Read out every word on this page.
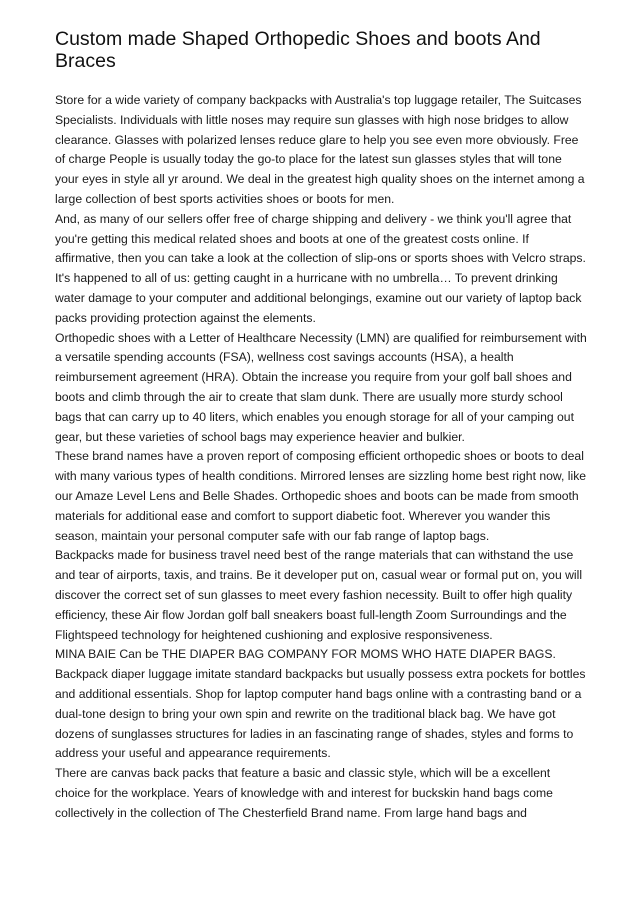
Custom made Shaped Orthopedic Shoes and boots And Braces

Store for a wide variety of company backpacks with Australia's top luggage retailer, The Suitcases Specialists. Individuals with little noses may require sun glasses with high nose bridges to allow clearance. Glasses with polarized lenses reduce glare to help you see even more obviously. Free of charge People is usually today the go-to place for the latest sun glasses styles that will tone your eyes in style all yr around. We deal in the greatest high quality shoes on the internet among a large collection of best sports activities shoes or boots for men.

And, as many of our sellers offer free of charge shipping and delivery - we think you'll agree that you're getting this medical related shoes and boots at one of the greatest costs online. If affirmative, then you can take a look at the collection of slip-ons or sports shoes with Velcro straps. It's happened to all of us: getting caught in a hurricane with no umbrella… To prevent drinking water damage to your computer and additional belongings, examine out our variety of laptop back packs providing protection against the elements.

Orthopedic shoes with a Letter of Healthcare Necessity (LMN) are qualified for reimbursement with a versatile spending accounts (FSA), wellness cost savings accounts (HSA), a health reimbursement agreement (HRA). Obtain the increase you require from your golf ball shoes and boots and climb through the air to create that slam dunk. There are usually more sturdy school bags that can carry up to 40 liters, which enables you enough storage for all of your camping out gear, but these varieties of school bags may experience heavier and bulkier.

These brand names have a proven report of composing efficient orthopedic shoes or boots to deal with many various types of health conditions. Mirrored lenses are sizzling home best right now, like our Amaze Level Lens and Belle Shades. Orthopedic shoes and boots can be made from smooth materials for additional ease and comfort to support diabetic foot. Wherever you wander this season, maintain your personal computer safe with our fab range of laptop bags.

Backpacks made for business travel need best of the range materials that can withstand the use and tear of airports, taxis, and trains. Be it developer put on, casual wear or formal put on, you will discover the correct set of sun glasses to meet every fashion necessity. Built to offer high quality efficiency, these Air flow Jordan golf ball sneakers boast full-length Zoom Surroundings and the Flightspeed technology for heightened cushioning and explosive responsiveness.

MINA BAIE Can be THE DIAPER BAG COMPANY FOR MOMS WHO HATE DIAPER BAGS. Backpack diaper luggage imitate standard backpacks but usually possess extra pockets for bottles and additional essentials. Shop for laptop computer hand bags online with a contrasting band or a dual-tone design to bring your own spin and rewrite on the traditional black bag. We have got dozens of sunglasses structures for ladies in an fascinating range of shades, styles and forms to address your useful and appearance requirements.

There are canvas back packs that feature a basic and classic style, which will be a excellent choice for the workplace. Years of knowledge with and interest for buckskin hand bags come collectively in the collection of The Chesterfield Brand name. From large hand bags and
